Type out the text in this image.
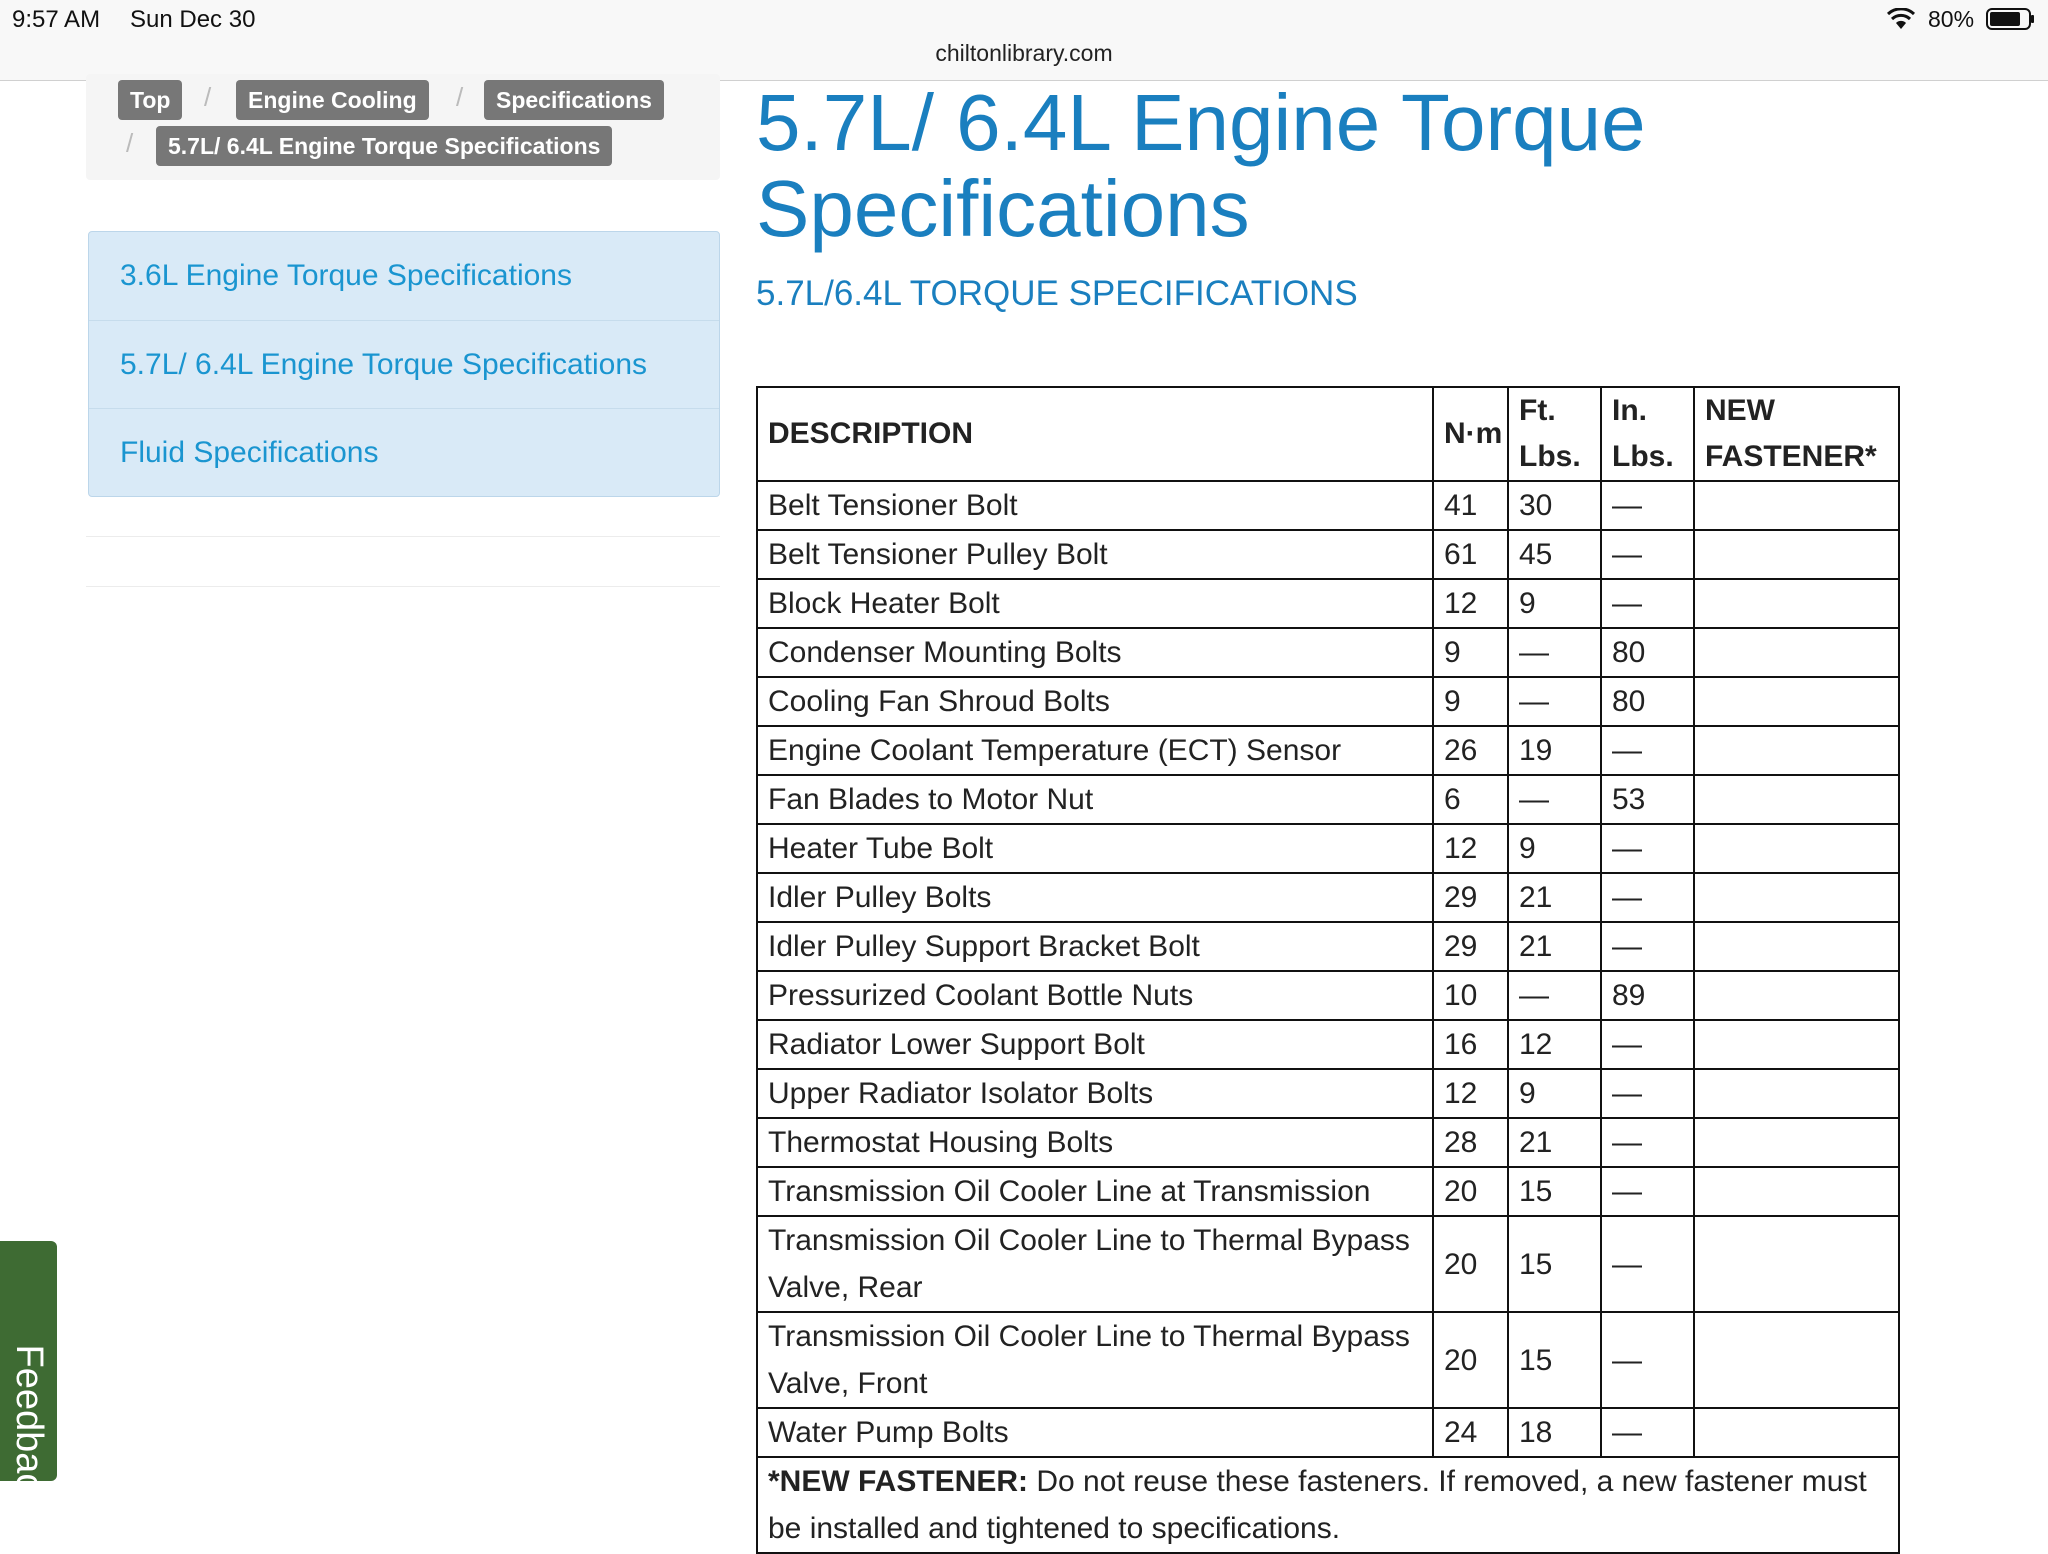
9:57 AM Sun Dec 30
chiltonlibrary.com
80%
Top	/	Engine Cooling	/	Specifications
/	5.7L/ 6.4L Engine Torque Specifications
3.6L Engine Torque Specifications
5.7L/ 6.4L Engine Torque Specifications
Fluid Specifications
5.7L/ 6.4L Engine Torque Specifications
5.7L/6.4L TORQUE SPECIFICATIONS
DESCRIPTION	N·m	Ft. Lbs.	In. Lbs.	NEW FASTENER*
Belt Tensioner Bolt	41	30	—	
Belt Tensioner Pulley Bolt	61	45	—	
Block Heater Bolt	12	9	—	
Condenser Mounting Bolts	9	—	80	
Cooling Fan Shroud Bolts	9	—	80	
Engine Coolant Temperature (ECT) Sensor	26	19	—	
Fan Blades to Motor Nut	6	—	53	
Heater Tube Bolt	12	9	—	
Idler Pulley Bolts	29	21	—	
Idler Pulley Support Bracket Bolt	29	21	—	
Pressurized Coolant Bottle Nuts	10	—	89	
Radiator Lower Support Bolt	16	12	—	
Upper Radiator Isolator Bolts	12	9	—	
Thermostat Housing Bolts	28	21	—	
Transmission Oil Cooler Line at Transmission	20	15	—	
Transmission Oil Cooler Line to Thermal Bypass Valve, Rear	20	15	—	
Transmission Oil Cooler Line to Thermal Bypass Valve, Front	20	15	—	
Water Pump Bolts	24	18	—	
*NEW FASTENER: Do not reuse these fasteners. If removed, a new fastener must be installed and tightened to specifications.				
Feedback
